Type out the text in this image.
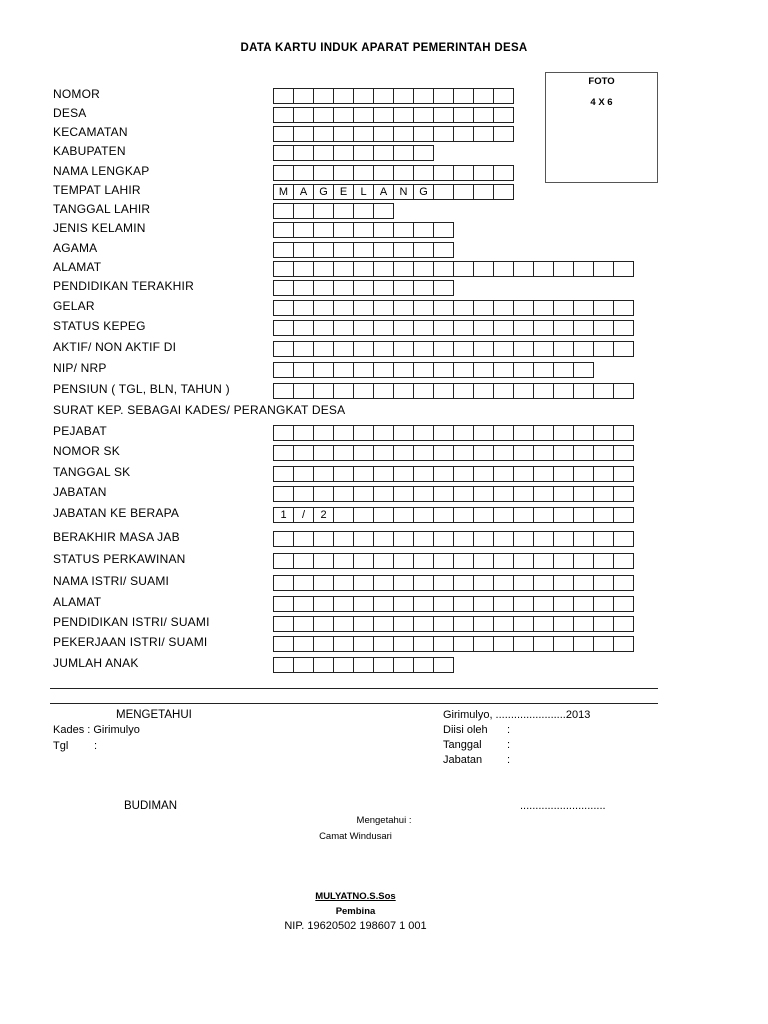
DATA KARTU INDUK APARAT PEMERINTAH DESA
FOTO
4 X 6
NOMOR
DESA
KECAMATAN
KABUPATEN
NAMA LENGKAP
TEMPAT LAHIR	M	A	G	E	L	A	N	G
TANGGAL LAHIR
JENIS KELAMIN
AGAMA
ALAMAT
PENDIDIKAN TERAKHIR
GELAR
STATUS KEPEG
AKTIF/ NON AKTIF DI
NIP/ NRP
PENSIUN ( TGL, BLN, TAHUN )
SURAT KEP. SEBAGAI KADES/ PERANGKAT DESA
PEJABAT
NOMOR SK
TANGGAL SK
JABATAN
JABATAN KE BERAPA	1	/	2
BERAKHIR MASA JAB
STATUS PERKAWINAN
NAMA ISTRI/ SUAMI
ALAMAT
PENDIDIKAN ISTRI/ SUAMI
PEKERJAAN ISTRI/ SUAMI
JUMLAH ANAK
MENGETAHUI
Kades : Girimulyo
Tgl :
Girimulyo, .......................2013
Diisi oleh :
Tanggal :
Jabatan :
BUDIMAN	............................
Mengetahui :
Camat Windusari
MULYATNO.S.Sos
Pembina
NIP. 19620502 198607 1 001
